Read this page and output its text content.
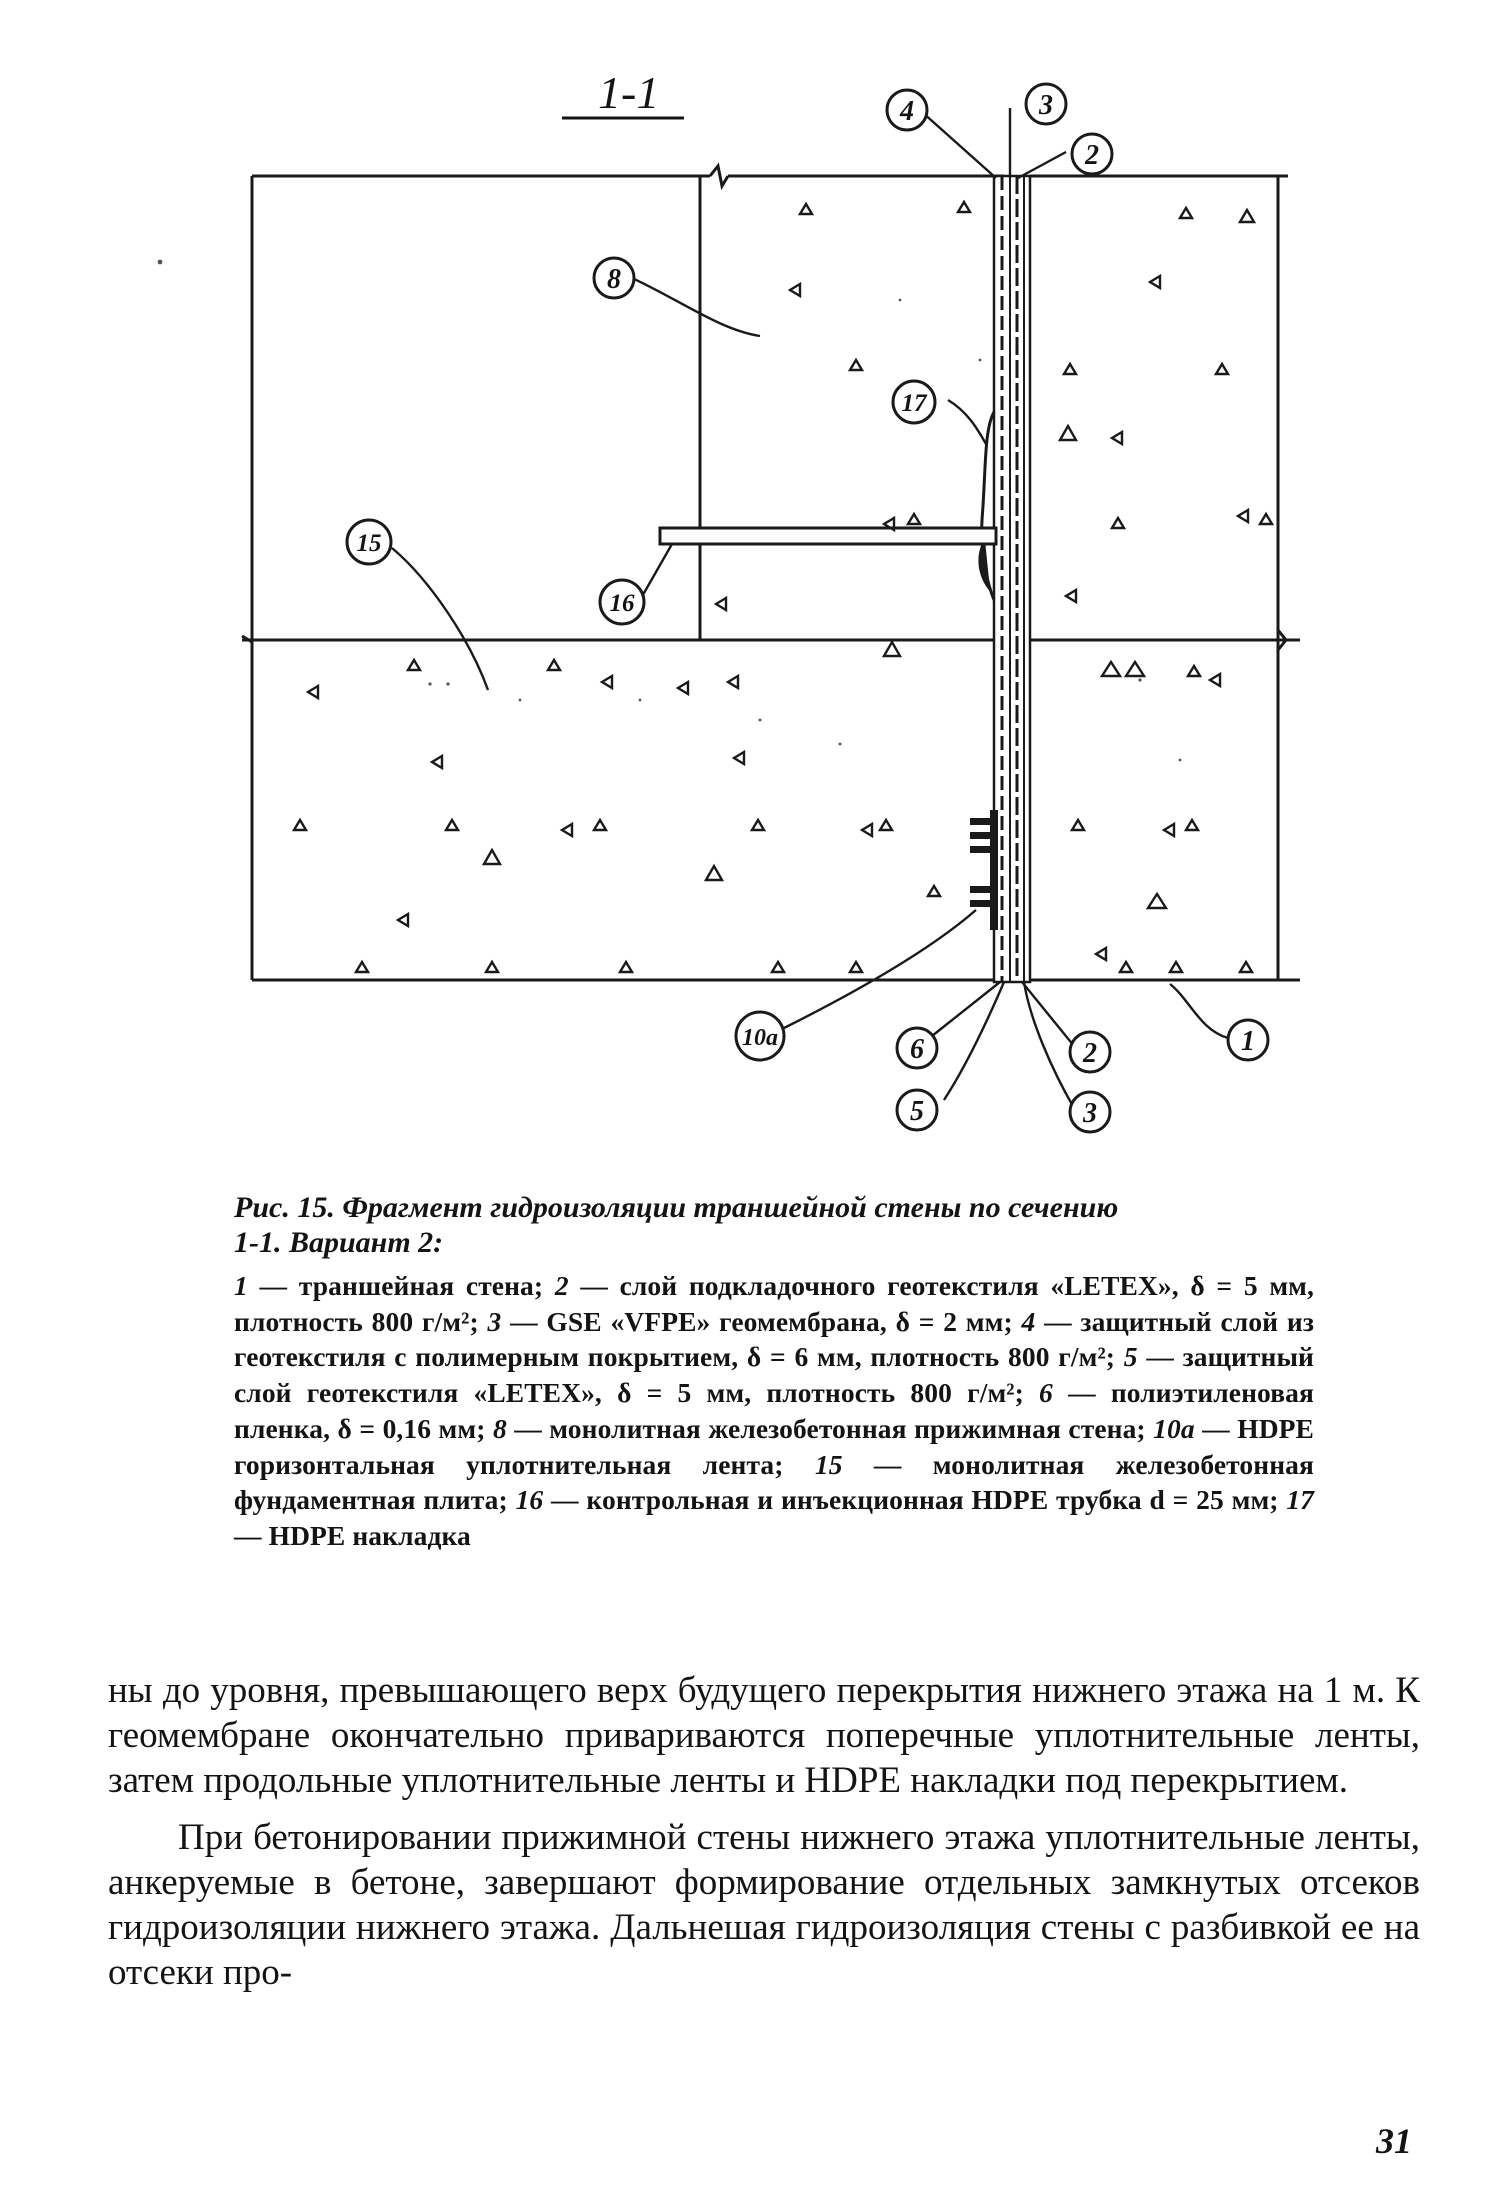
1-1	4	3
2
8
17
15
16
10a	6
5
2
3
1
Рис. 15. Фрагмент гидроизоляции траншейной стены по сечению
1-1. Вариант 2:

1 — траншейная стена; 2 — слой подкладочного геотекстиля «LETEX», δ = 5 мм, плотность 800 г/м²; 3 — GSE «VFPE» геомембрана, δ = 2 мм; 4 — защитный слой из геотекстиля с полимерным покрытием, δ = 6 мм, плотность 800 г/м²; 5 — защитный слой геотекстиля «LETEX», δ = 5 мм, плотность 800 г/м²; 6 — полиэтиленовая пленка, δ = 0,16 мм; 8 — монолитная железобетонная прижимная стена; 10a — HDPE горизонтальная уплотнительная лента; 15 — монолитная железобетонная фундаментная плита; 16 — контрольная и инъекционная HDPE трубка d = 25 мм; 17 — HDPE накладка

ны до уровня, превышающего верх будущего перекрытия нижнего этажа на 1 м. К геомембране окончательно привариваются поперечные уплотнительные ленты, затем продольные уплотнительные ленты и HDPE накладки под перекрытием.

При бетонировании прижимной стены нижнего этажа уплотнительные ленты, анкеруемые в бетоне, завершают формирование отдельных замкнутых отсеков гидроизоляции нижнего этажа. Дальнешая гидроизоляция стены с разбивкой ее на отсеки про-

31
